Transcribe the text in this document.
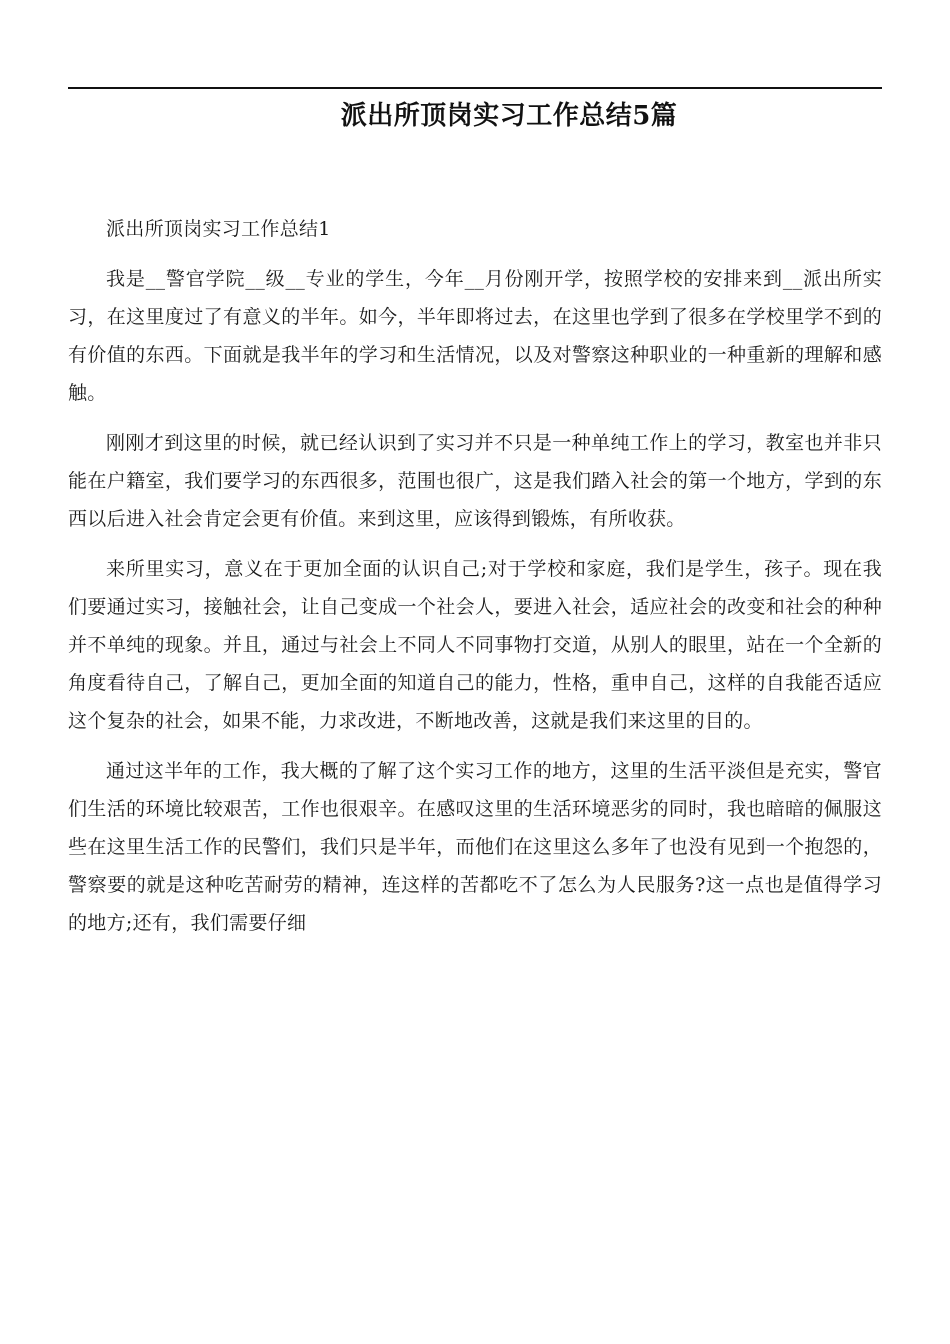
派出所顶岗实习工作总结5篇

派出所顶岗实习工作总结1

我是__警官学院__级__专业的学生，今年__月份刚开学，按照学校的安排来到__派出所实习，在这里度过了有意义的半年。如今，半年即将过去，在这里也学到了很多在学校里学不到的有价值的东西。下面就是我半年的学习和生活情况，以及对警察这种职业的一种重新的理解和感触。

刚刚才到这里的时候，就已经认识到了实习并不只是一种单纯工作上的学习，教室也并非只能在户籍室，我们要学习的东西很多，范围也很广，这是我们踏入社会的第一个地方，学到的东西以后进入社会肯定会更有价值。来到这里，应该得到锻炼，有所收获。

来所里实习，意义在于更加全面的认识自己;对于学校和家庭，我们是学生，孩子。现在我们要通过实习，接触社会，让自己变成一个社会人，要进入社会，适应社会的改变和社会的种种并不单纯的现象。并且，通过与社会上不同人不同事物打交道，从别人的眼里，站在一个全新的角度看待自己，了解自己，更加全面的知道自己的能力，性格，重申自己，这样的自我能否适应这个复杂的社会，如果不能，力求改进，不断地改善，这就是我们来这里的目的。

通过这半年的工作，我大概的了解了这个实习工作的地方，这里的生活平淡但是充实，警官们生活的环境比较艰苦，工作也很艰辛。在感叹这里的生活环境恶劣的同时，我也暗暗的佩服这些在这里生活工作的民警们，我们只是半年，而他们在这里这么多年了也没有见到一个抱怨的，警察要的就是这种吃苦耐劳的精神，连这样的苦都吃不了怎么为人民服务?这一点也是值得学习的地方;还有，我们需要仔细
